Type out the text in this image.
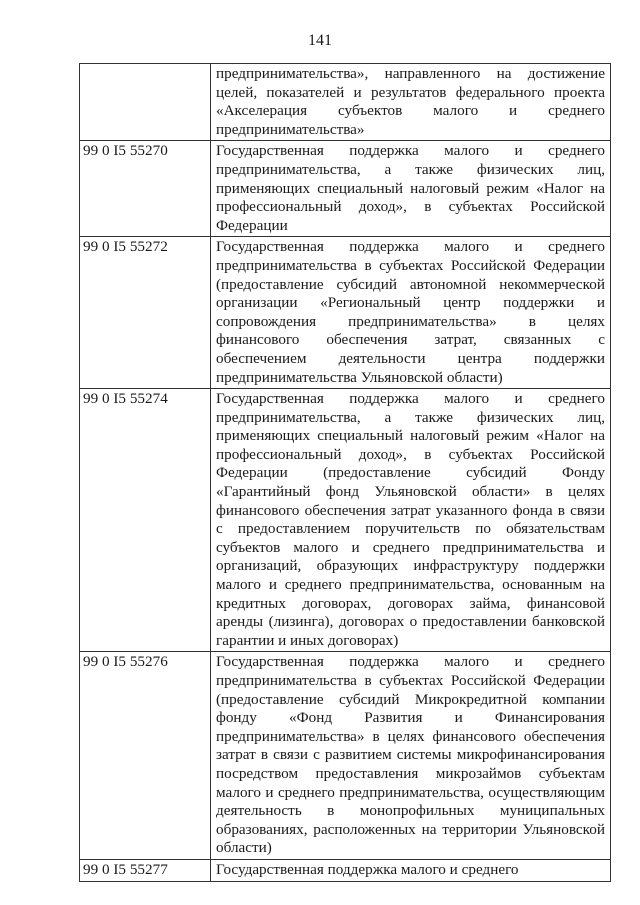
141
	предпринимательства», направленного на достижение целей, показателей и результатов федерального проекта «Акселерация субъектов малого и среднего предпринимательства»
99 0 I5 55270	Государственная поддержка малого и среднего предпринимательства, а также физических лиц, применяющих специальный налоговый режим «Налог на профессиональный доход», в субъектах Российской Федерации
99 0 I5 55272	Государственная поддержка малого и среднего предпринимательства в субъектах Российской Федерации (предоставление субсидий автономной некоммерческой организации «Региональный центр поддержки и сопровождения предпринимательства» в целях финансового обеспечения затрат, связанных с обеспечением деятельности центра поддержки предпринимательства Ульяновской области)
99 0 I5 55274	Государственная поддержка малого и среднего предпринимательства, а также физических лиц, применяющих специальный налоговый режим «Налог на профессиональный доход», в субъектах Российской Федерации (предоставление субсидий Фонду «Гарантийный фонд Ульяновской области» в целях финансового обеспечения затрат указанного фонда в связи с предоставлением поручительств по обязательствам субъектов малого и среднего предпринимательства и организаций, образующих инфраструктуру поддержки малого и среднего предпринимательства, основанным на кредитных договорах, договорах займа, финансовой аренды (лизинга), договорах о предоставлении банковской гарантии и иных договорах)
99 0 I5 55276	Государственная поддержка малого и среднего предпринимательства в субъектах Российской Федерации (предоставление субсидий Микрокредитной компании фонду «Фонд Развития и Финансирования предпринимательства» в целях финансового обеспечения затрат в связи с развитием системы микрофинансирования посредством предоставления микрозаймов субъектам малого и среднего предпринимательства, осуществляющим деятельность в монопрофильных муниципальных образованиях, расположенных на территории Ульяновской области)
99 0 I5 55277	Государственная поддержка малого и среднего
